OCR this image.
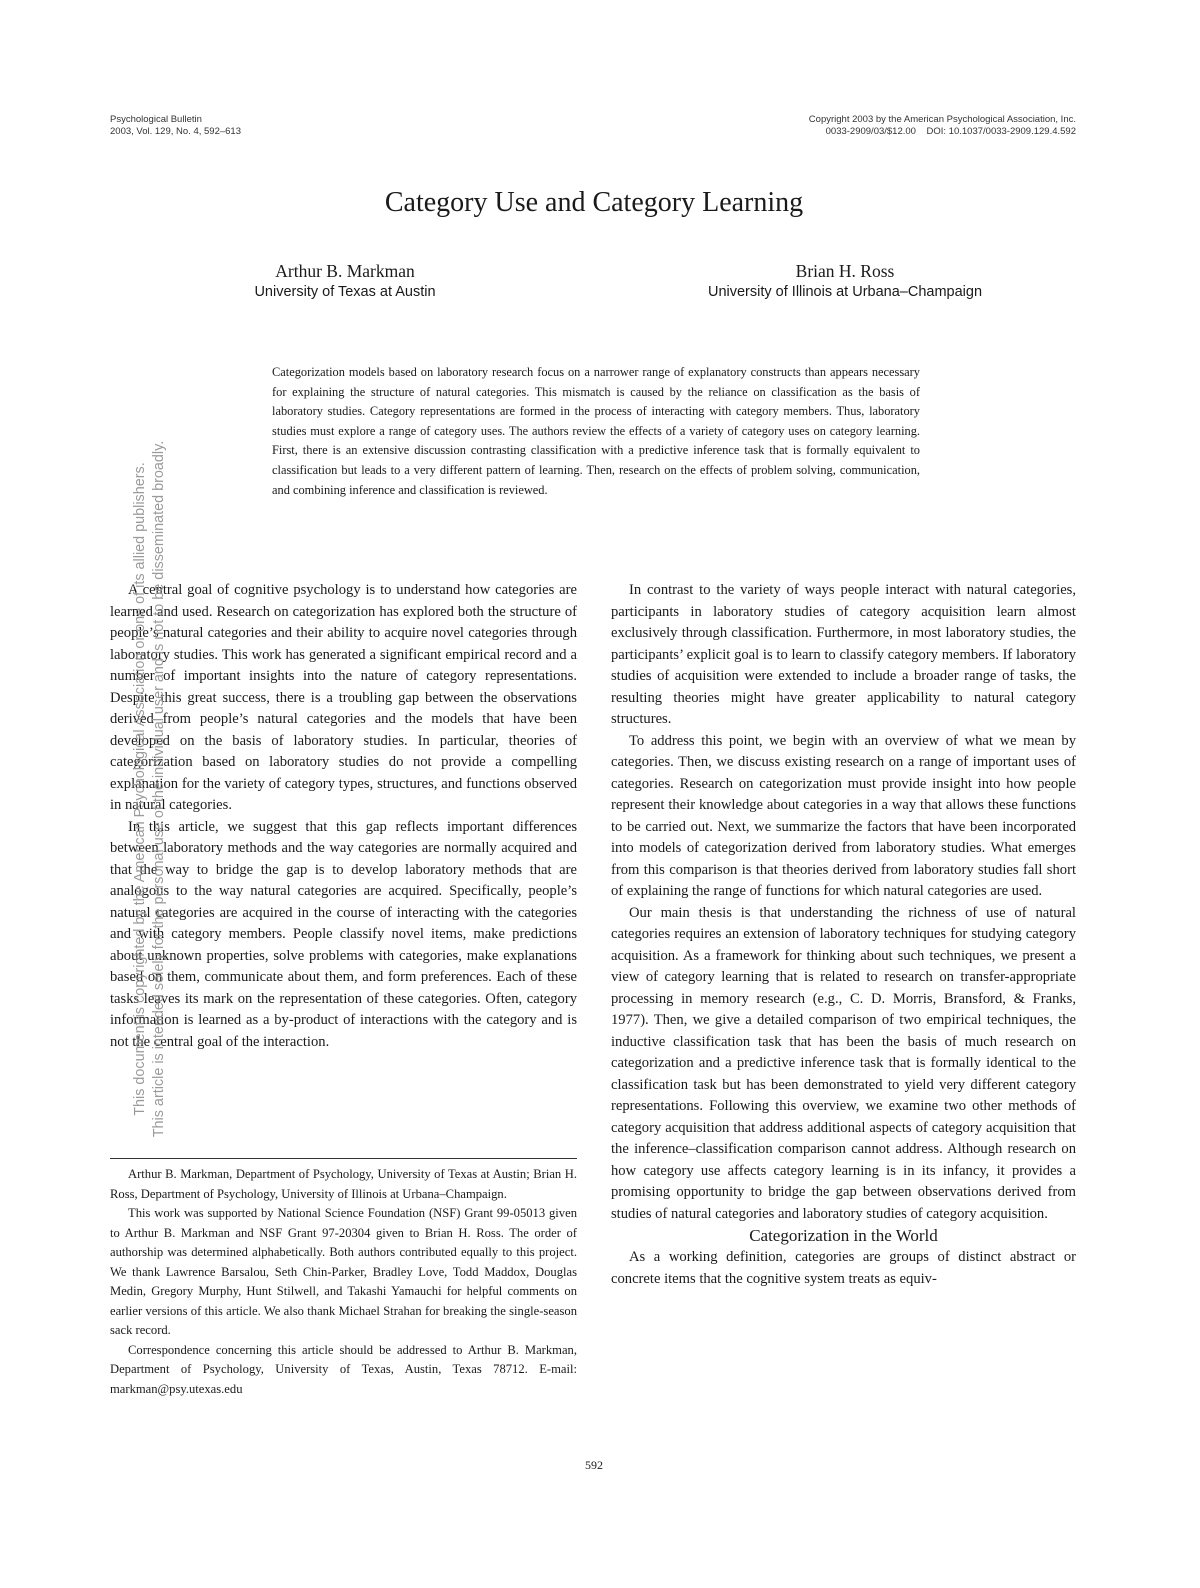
Psychological Bulletin
2003, Vol. 129, No. 4, 592–613
Copyright 2003 by the American Psychological Association, Inc.
0033-2909/03/$12.00    DOI: 10.1037/0033-2909.129.4.592
Category Use and Category Learning
Arthur B. Markman
University of Texas at Austin
Brian H. Ross
University of Illinois at Urbana–Champaign
Categorization models based on laboratory research focus on a narrower range of explanatory constructs than appears necessary for explaining the structure of natural categories. This mismatch is caused by the reliance on classification as the basis of laboratory studies. Category representations are formed in the process of interacting with category members. Thus, laboratory studies must explore a range of category uses. The authors review the effects of a variety of category uses on category learning. First, there is an extensive discussion contrasting classification with a predictive inference task that is formally equivalent to classification but leads to a very different pattern of learning. Then, research on the effects of problem solving, communication, and combining inference and classification is reviewed.

A central goal of cognitive psychology is to understand how categories are learned and used. Research on categorization has explored both the structure of people’s natural categories and their ability to acquire novel categories through laboratory studies. This work has generated a significant empirical record and a number of important insights into the nature of category representations. Despite this great success, there is a troubling gap between the observations derived from people’s natural categories and the models that have been developed on the basis of laboratory studies. In particular, theories of categorization based on laboratory studies do not provide a compelling explanation for the variety of category types, structures, and functions observed in natural categories.

In this article, we suggest that this gap reflects important differences between laboratory methods and the way categories are normally acquired and that the way to bridge the gap is to develop laboratory methods that are analogous to the way natural categories are acquired. Specifically, people’s natural categories are acquired in the course of interacting with the categories and with category members. People classify novel items, make predictions about unknown properties, solve problems with categories, make explanations based on them, communicate about them, and form preferences. Each of these tasks leaves its mark on the representation of these categories. Often, category information is learned as a by-product of interactions with the category and is not the central goal of the interaction.

Arthur B. Markman, Department of Psychology, University of Texas at Austin; Brian H. Ross, Department of Psychology, University of Illinois at Urbana–Champaign.

This work was supported by National Science Foundation (NSF) Grant 99-05013 given to Arthur B. Markman and NSF Grant 97-20304 given to Brian H. Ross. The order of authorship was determined alphabetically. Both authors contributed equally to this project. We thank Lawrence Barsalou, Seth Chin-Parker, Bradley Love, Todd Maddox, Douglas Medin, Gregory Murphy, Hunt Stilwell, and Takashi Yamauchi for helpful comments on earlier versions of this article. We also thank Michael Strahan for breaking the single-season sack record.

Correspondence concerning this article should be addressed to Arthur B. Markman, Department of Psychology, University of Texas, Austin, Texas 78712. E-mail: markman@psy.utexas.edu

In contrast to the variety of ways people interact with natural categories, participants in laboratory studies of category acquisition learn almost exclusively through classification. Furthermore, in most laboratory studies, the participants’ explicit goal is to learn to classify category members. If laboratory studies of acquisition were extended to include a broader range of tasks, the resulting theories might have greater applicability to natural category structures.

To address this point, we begin with an overview of what we mean by categories. Then, we discuss existing research on a range of important uses of categories. Research on categorization must provide insight into how people represent their knowledge about categories in a way that allows these functions to be carried out. Next, we summarize the factors that have been incorporated into models of categorization derived from laboratory studies. What emerges from this comparison is that theories derived from laboratory studies fall short of explaining the range of functions for which natural categories are used.

Our main thesis is that understanding the richness of use of natural categories requires an extension of laboratory techniques for studying category acquisition. As a framework for thinking about such techniques, we present a view of category learning that is related to research on transfer-appropriate processing in memory research (e.g., C. D. Morris, Bransford, & Franks, 1977). Then, we give a detailed comparison of two empirical techniques, the inductive classification task that has been the basis of much research on categorization and a predictive inference task that is formally identical to the classification task but has been demonstrated to yield very different category representations. Following this overview, we examine two other methods of category acquisition that address additional aspects of category acquisition that the inference–classification comparison cannot address. Although research on how category use affects category learning is in its infancy, it provides a promising opportunity to bridge the gap between observations derived from studies of natural categories and laboratory studies of category acquisition.

Categorization in the World

As a working definition, categories are groups of distinct abstract or concrete items that the cognitive system treats as equiv-

592
This document is copyrighted by the American Psychological Association or one of its allied publishers. This article is intended solely for the personal use of the individual user and is not to be disseminated broadly.
